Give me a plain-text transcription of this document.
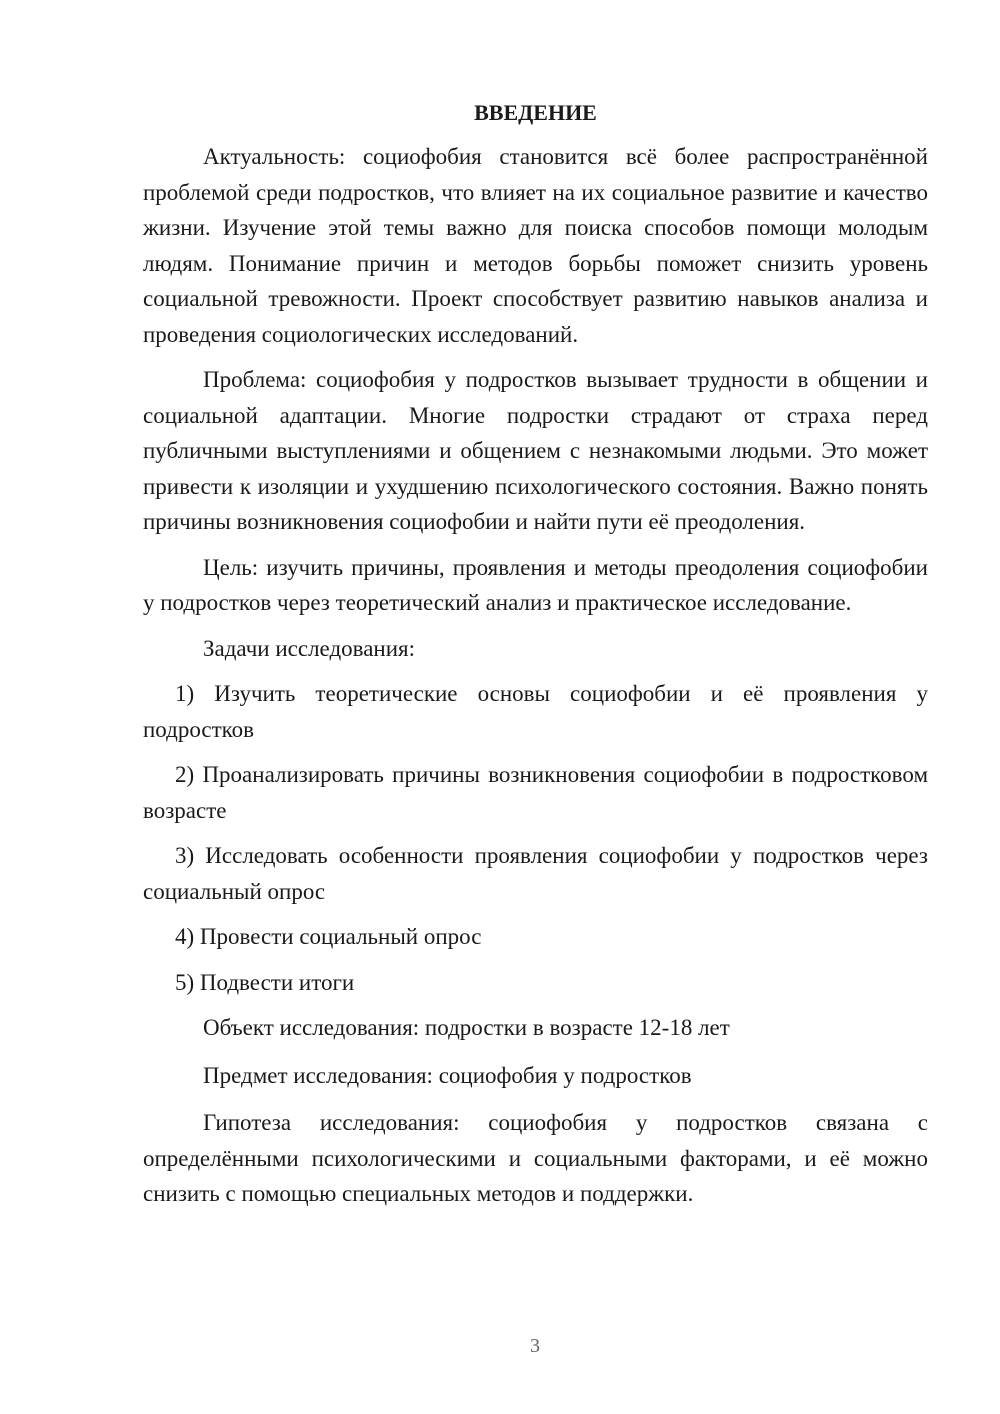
ВВЕДЕНИЕ

Актуальность: социофобия становится всё более распространённой проблемой среди подростков, что влияет на их социальное развитие и качество жизни. Изучение этой темы важно для поиска способов помощи молодым людям. Понимание причин и методов борьбы поможет снизить уровень социальной тревожности. Проект способствует развитию навыков анализа и проведения социологических исследований.

Проблема: социофобия у подростков вызывает трудности в общении и социальной адаптации. Многие подростки страдают от страха перед публичными выступлениями и общением с незнакомыми людьми. Это может привести к изоляции и ухудшению психологического состояния. Важно понять причины возникновения социофобии и найти пути её преодоления.

Цель: изучить причины, проявления и методы преодоления социофобии у подростков через теоретический анализ и практическое исследование.

Задачи исследования:

1) Изучить теоретические основы социофобии и её проявления у подростков

2) Проанализировать причины возникновения социофобии в подростковом возрасте

3) Исследовать особенности проявления социофобии у подростков через социальный опрос

4) Провести социальный опрос

5) Подвести итоги

Объект исследования: подростки в возрасте 12-18 лет

Предмет исследования: социофобия у подростков

Гипотеза исследования: социофобия у подростков связана с определёнными психологическими и социальными факторами, и её можно снизить с помощью специальных методов и поддержки.

3
